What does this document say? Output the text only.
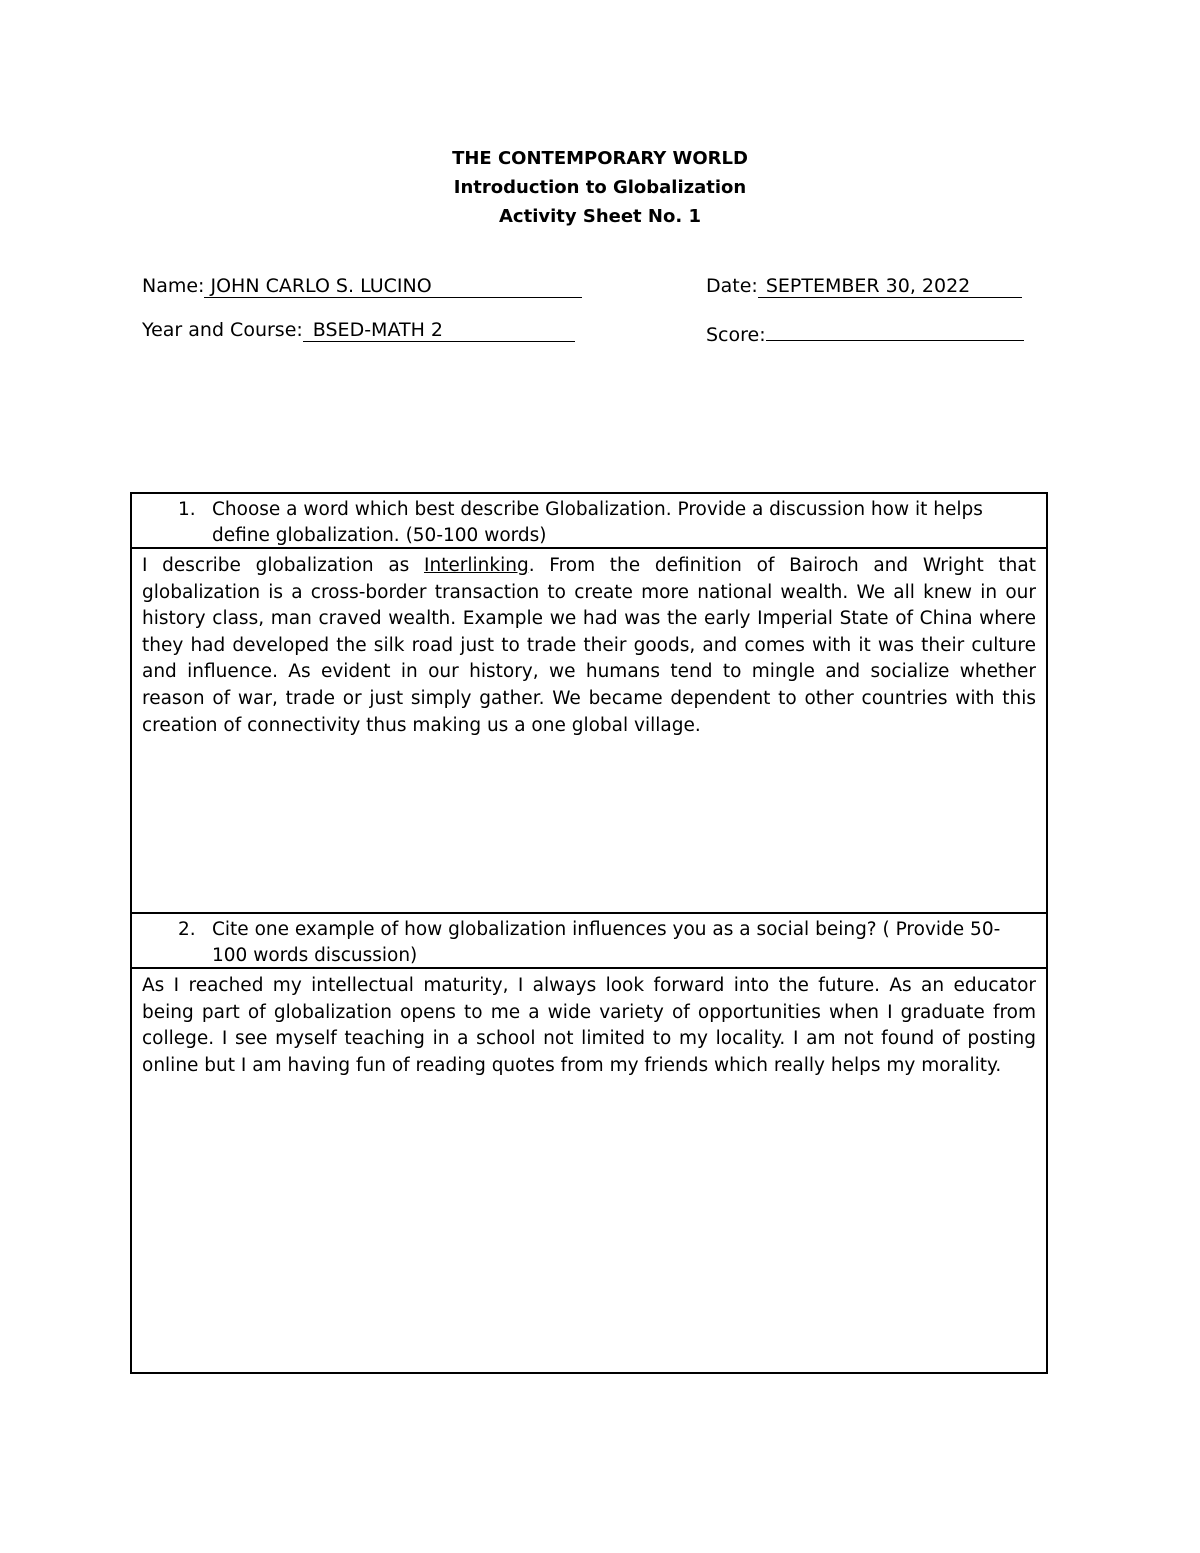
THE CONTEMPORARY WORLD
Introduction to Globalization
Activity Sheet No. 1
Name:JOHN CARLO S. LUCINO	Date:SEPTEMBER 30, 2022
Year and Course:BSED-MATH 2	Score:
1. Choose a word which best describe Globalization. Provide a discussion how it helps define globalization. (50-100 words)
I describe globalization as Interlinking. From the definition of Bairoch and Wright that globalization is a cross-border transaction to create more national wealth. We all knew in our history class, man craved wealth. Example we had was the early Imperial State of China where they had developed the silk road just to trade their goods, and comes with it was their culture and influence. As evident in our history, we humans tend to mingle and socialize whether reason of war, trade or just simply gather. We became dependent to other countries with this creation of connectivity thus making us a one global village.
2. Cite one example of how globalization influences you as a social being? ( Provide 50-100 words discussion)
As I reached my intellectual maturity, I always look forward into the future. As an educator being part of globalization opens to me a wide variety of opportunities when I graduate from college. I see myself teaching in a school not limited to my locality. I am not found of posting online but I am having fun of reading quotes from my friends which really helps my morality.
